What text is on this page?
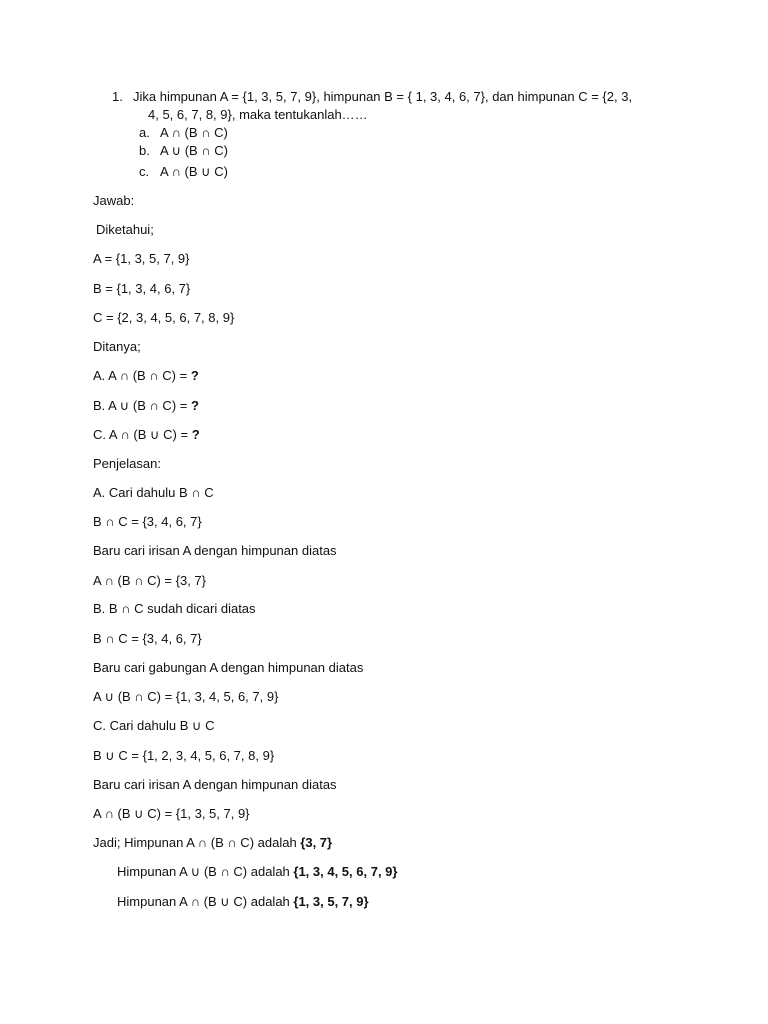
1. Jika himpunan A = {1, 3, 5, 7, 9}, himpunan B = { 1, 3, 4, 6, 7}, dan himpunan C = {2, 3,
4, 5, 6, 7, 8, 9}, maka tentukanlah……
a. A ∩ (B ∩ C)
b. A ∪ (B ∩ C)
c. A ∩ (B ∪ C)
Jawab:
Diketahui;
A = {1, 3, 5, 7, 9}
B = {1, 3, 4, 6, 7}
C = {2, 3, 4, 5, 6, 7, 8, 9}
Ditanya;
A. A ∩ (B ∩ C) = ?
B. A ∪ (B ∩ C) = ?
C. A ∩ (B ∪ C) = ?
Penjelasan:
A. Cari dahulu B ∩ C
B ∩ C = {3, 4, 6, 7}
Baru cari irisan A dengan himpunan diatas
A ∩ (B ∩ C) = {3, 7}
B. B ∩ C sudah dicari diatas
B ∩ C = {3, 4, 6, 7}
Baru cari gabungan A dengan himpunan diatas
A ∪ (B ∩ C) = {1, 3, 4, 5, 6, 7, 9}
C. Cari dahulu B ∪ C
B ∪ C = {1, 2, 3, 4, 5, 6, 7, 8, 9}
Baru cari irisan A dengan himpunan diatas
A ∩ (B ∪ C) = {1, 3, 5, 7, 9}
Jadi; Himpunan A ∩ (B ∩ C) adalah {3, 7}
Himpunan A ∪ (B ∩ C) adalah {1, 3, 4, 5, 6, 7, 9}
Himpunan A ∩ (B ∪ C) adalah {1, 3, 5, 7, 9}
